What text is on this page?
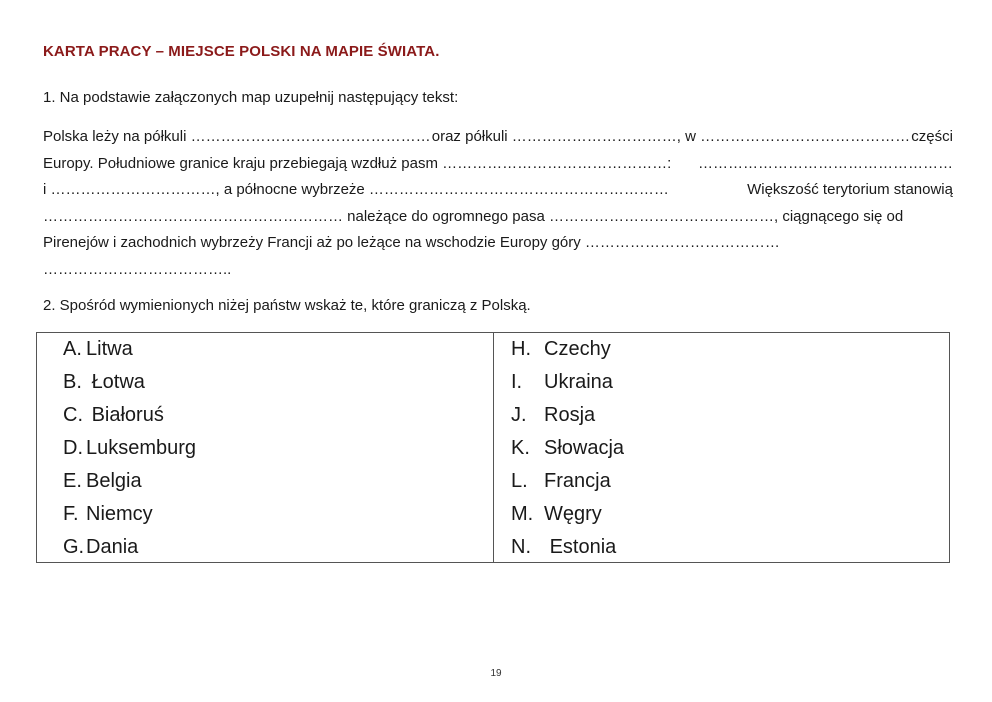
KARTA PRACY – MIEJSCE POLSKI NA MAPIE ŚWIATA.
1. Na podstawie załączonych map uzupełnij następujący tekst:
Polska leży na półkuli ………………………………………… oraz półkuli ……………………………, w …………………………………… części
Europy. Południowe granice kraju przebiegają wzdłuż pasm ………………………………………: ……………………………………………
i ……………………………, a północne wybrzeże ……………………………………………………	Większość terytorium stanowią
…………………………………………………… należące do ogromnego pasa ………………………………………, ciągnącego się od
Pirenejów i zachodnich wybrzeży Francji aż po leżące na wschodzie Europy góry …………………………………
………………………………..
2. Spośród wymienionych niżej państw wskaż te, które graniczą z Polską.
A. Litwa
B. Łotwa
C. Białoruś
D. Luksemburg
E. Belgia
F. Niemcy
G.Dania
H. Czechy
I. Ukraina
J. Rosja
K. Słowacja
L. Francja
M. Węgry
N. Estonia
19
